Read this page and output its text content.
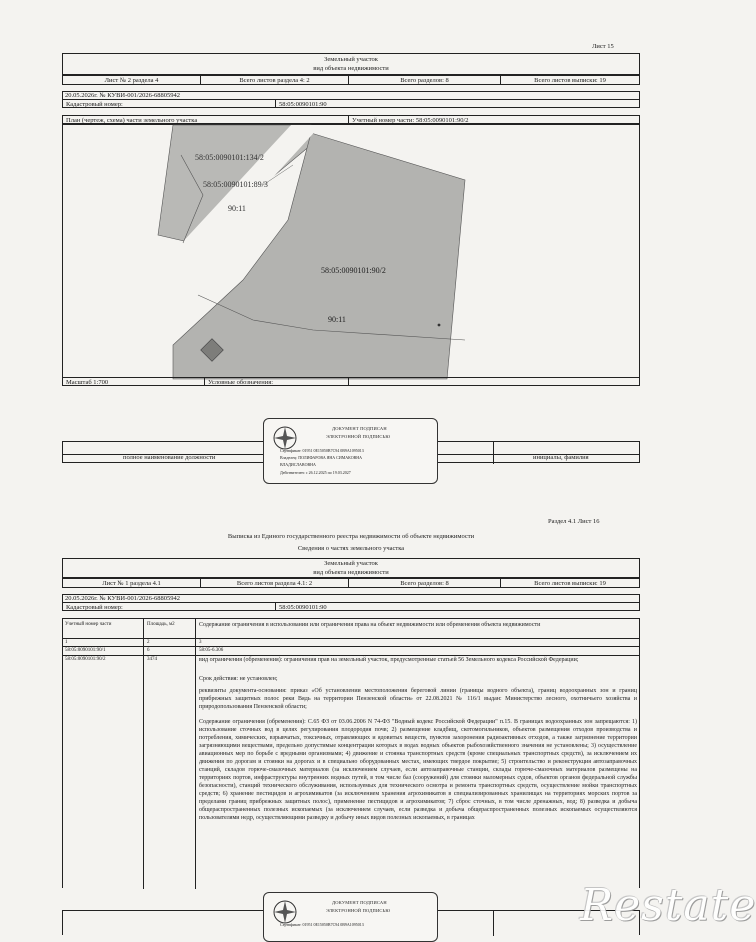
Лист 15
Земельный участок
вид объекта недвижимости
Лист № 2 раздела 4	Всего листов раздела 4: 2	Всего разделов: 8	Всего листов выписки: 19
20.05.2026г. № КУВИ-001/2026-68805942
Кадастровый номер:	58:05:0090101:90
План (чертеж, схема) части земельного участка	Учетный номер части: 58:05:0090101:90/2
58:05:0090101:134/2
58:05:0090101:89/3
90:11
58:05:0090101:90/2
90:11
Масштаб 1:700	Условные обозначения:
полное наименование должности	инициалы, фамилия
ДОКУМЕНТ ПОДПИСАН
ЭЛЕКТРОННОЙ ПОДПИСЬЮ
Сертификат: 01951 0E15050B7C94 0B9A1095013
Владелец: ПОЛИФАРОВА ЯНА СИМАКОВНА
ВЛАДИСЛАВОВНА
Действителен: с 26.12.2025 по 19.03.2027
Раздел 4.1 Лист 16
Выписка из Единого государственного реестра недвижимости об объекте недвижимости
Сведения о частях земельного участка
Земельный участок
вид объекта недвижимости
Лист № 1 раздела 4.1	Всего листов раздела 4.1: 2	Всего разделов: 8	Всего листов выписки: 19
20.05.2026г. № КУВИ-001/2026-68805942
Кадастровый номер:	58:05:0090101:90
Учетный номер части	Площадь, м2	Содержание ограничения в использовании или ограничения права на объект недвижимости или обременения объекта недвижимости
1	2	3
58:05:0090101:90/1	6	58:05-6.306
58:05:0090101:90/2	3474	вид ограничения (обременения): ограничения прав на земельный участок, предусмотренные статьей 56 Земельного кодекса Российской Федерации;
Срок действия: не установлен;
реквизиты документа-основания: приказ «Об установлении местоположения береговой линии (границы водного объекта), границ водоохранных зон и границ прибрежных защитных полос реки Вядь на территории Пензенской области» от 22.08.2021 № 116/1 выдан: Министерство лесного, охотничьего хозяйства и природопользования Пензенской области;
Содержание ограничения (обременения): С.65 ФЗ от 03.06.2006 N 74-ФЗ "Водный кодекс Российской Федерации" п.15. В границах водоохранных зон запрещаются: 1) использование сточных вод в целях регулирования плодородия почв; 2) размещение кладбищ, скотомогильников, объектов размещения отходов производства и потребления, химических, взрывчатых, токсичных, отравляющих и ядовитых веществ, пунктов захоронения радиоактивных отходов, а также загрязнение территории загрязняющими веществами, предельно допустимые концентрации которых в водах водных объектов рыбохозяйственного значения не установлены; 3) осуществление авиационных мер по борьбе с вредными организмами; 4) движение и стоянка транспортных средств (кроме специальных транспортных средств), за исключением их движения по дорогам и стоянки на дорогах и в специально оборудованных местах, имеющих твердое покрытие; 5) строительство и реконструкция автозаправочных станций, складов горюче-смазочных материалов (за исключением случаев, если автозаправочные станции, склады горюче-смазочных материалов размещены на территориях портов, инфраструктуры внутренних водных путей, в том числе баз (сооружений) для стоянки маломерных судов, объектов органов федеральной службы безопасности), станций технического обслуживания, используемых для технического осмотра и ремонта транспортных средств, осуществление мойки транспортных средств; 6) хранение пестицидов и агрохимикатов (за исключением хранения агрохимикатов в специализированных хранилищах на территориях морских портов за пределами границ прибрежных защитных полос), применение пестицидов и агрохимикатов; 7) сброс сточных, в том числе дренажных, вод; 8) разведка и добыча общераспространенных полезных ископаемых (за исключением случаев, если разведка и добыча общераспространенных полезных ископаемых осуществляются пользователями недр, осуществляющими разведку и добычу иных видов полезных ископаемых, в границах
ДОКУМЕНТ ПОДПИСАН
ЭЛЕКТРОННОЙ ПОДПИСЬЮ
Сертификат: 01951 0E15050B7C94 0B9A1095013	Restate
